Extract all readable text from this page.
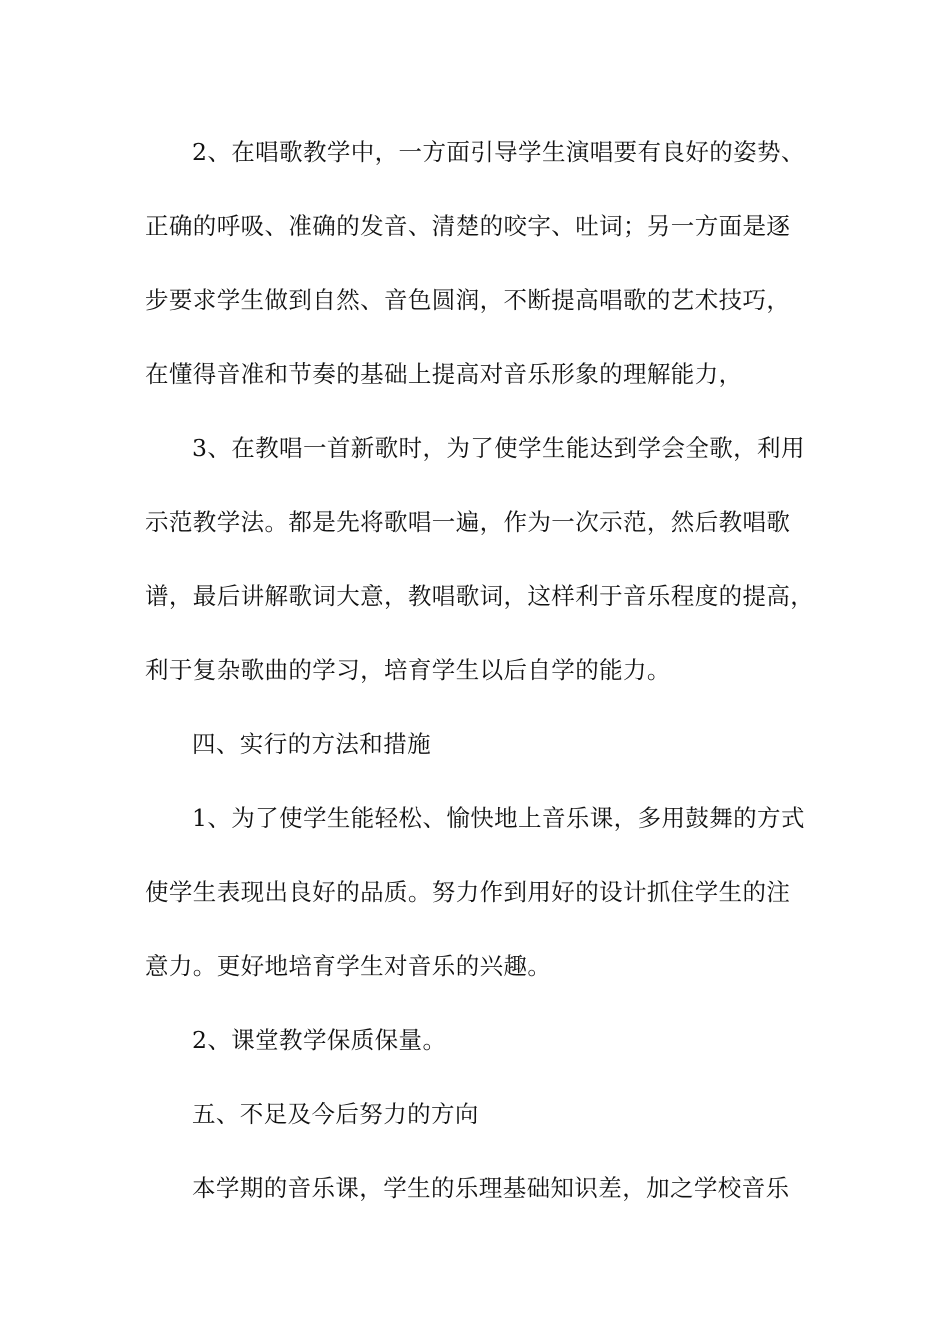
2、在唱歌教学中，一方面引导学生演唱要有良好的姿势、
正确的呼吸、准确的发音、清楚的咬字、吐词；另一方面是逐
步要求学生做到自然、音色圆润，不断提高唱歌的艺术技巧，
在懂得音准和节奏的基础上提高对音乐形象的理解能力，
3、在教唱一首新歌时，为了使学生能达到学会全歌，利用
示范教学法。都是先将歌唱一遍，作为一次示范，然后教唱歌
谱，最后讲解歌词大意，教唱歌词，这样利于音乐程度的提高，
利于复杂歌曲的学习，培育学生以后自学的能力。
四、实行的方法和措施
1、为了使学生能轻松、愉快地上音乐课，多用鼓舞的方式
使学生表现出良好的品质。努力作到用好的设计抓住学生的注
意力。更好地培育学生对音乐的兴趣。
2、课堂教学保质保量。
五、不足及今后努力的方向
本学期的音乐课，学生的乐理基础知识差，加之学校音乐
